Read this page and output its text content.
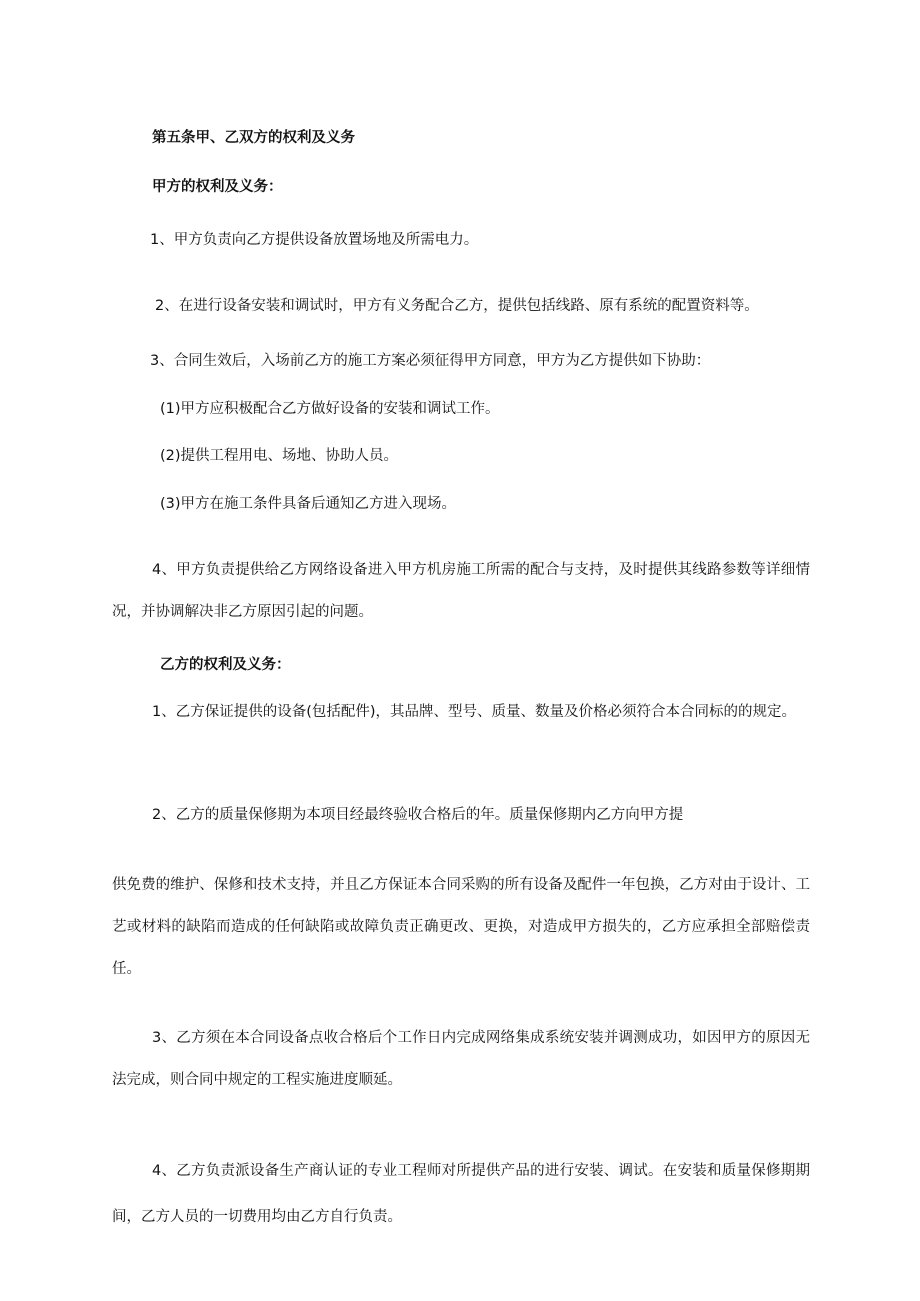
第五条甲、乙双方的权利及义务
甲方的权利及义务：
1、甲方负责向乙方提供设备放置场地及所需电力。
2、在进行设备安装和调试时，甲方有义务配合乙方，提供包括线路、原有系统的配置资料等。
3、合同生效后，入场前乙方的施工方案必须征得甲方同意，甲方为乙方提供如下协助：
(1)甲方应积极配合乙方做好设备的安装和调试工作。
(2)提供工程用电、场地、协助人员。
(3)甲方在施工条件具备后通知乙方进入现场。
4、甲方负责提供给乙方网络设备进入甲方机房施工所需的配合与支持，及时提供其线路参数等详细情况，并协调解决非乙方原因引起的问题。
乙方的权利及义务：
1、乙方保证提供的设备(包括配件)，其品牌、型号、质量、数量及价格必须符合本合同标的的规定。
2、乙方的质量保修期为本项目经最终验收合格后的年。质量保修期内乙方向甲方提
供免费的维护、保修和技术支持，并且乙方保证本合同采购的所有设备及配件一年包换，乙方对由于设计、工艺或材料的缺陷而造成的任何缺陷或故障负责正确更改、更换，对造成甲方损失的，乙方应承担全部赔偿责任。
3、乙方须在本合同设备点收合格后个工作日内完成网络集成系统安装并调测成功，如因甲方的原因无法完成，则合同中规定的工程实施进度顺延。
4、乙方负责派设备生产商认证的专业工程师对所提供产品的进行安装、调试。在安装和质量保修期期间，乙方人员的一切费用均由乙方自行负责。
